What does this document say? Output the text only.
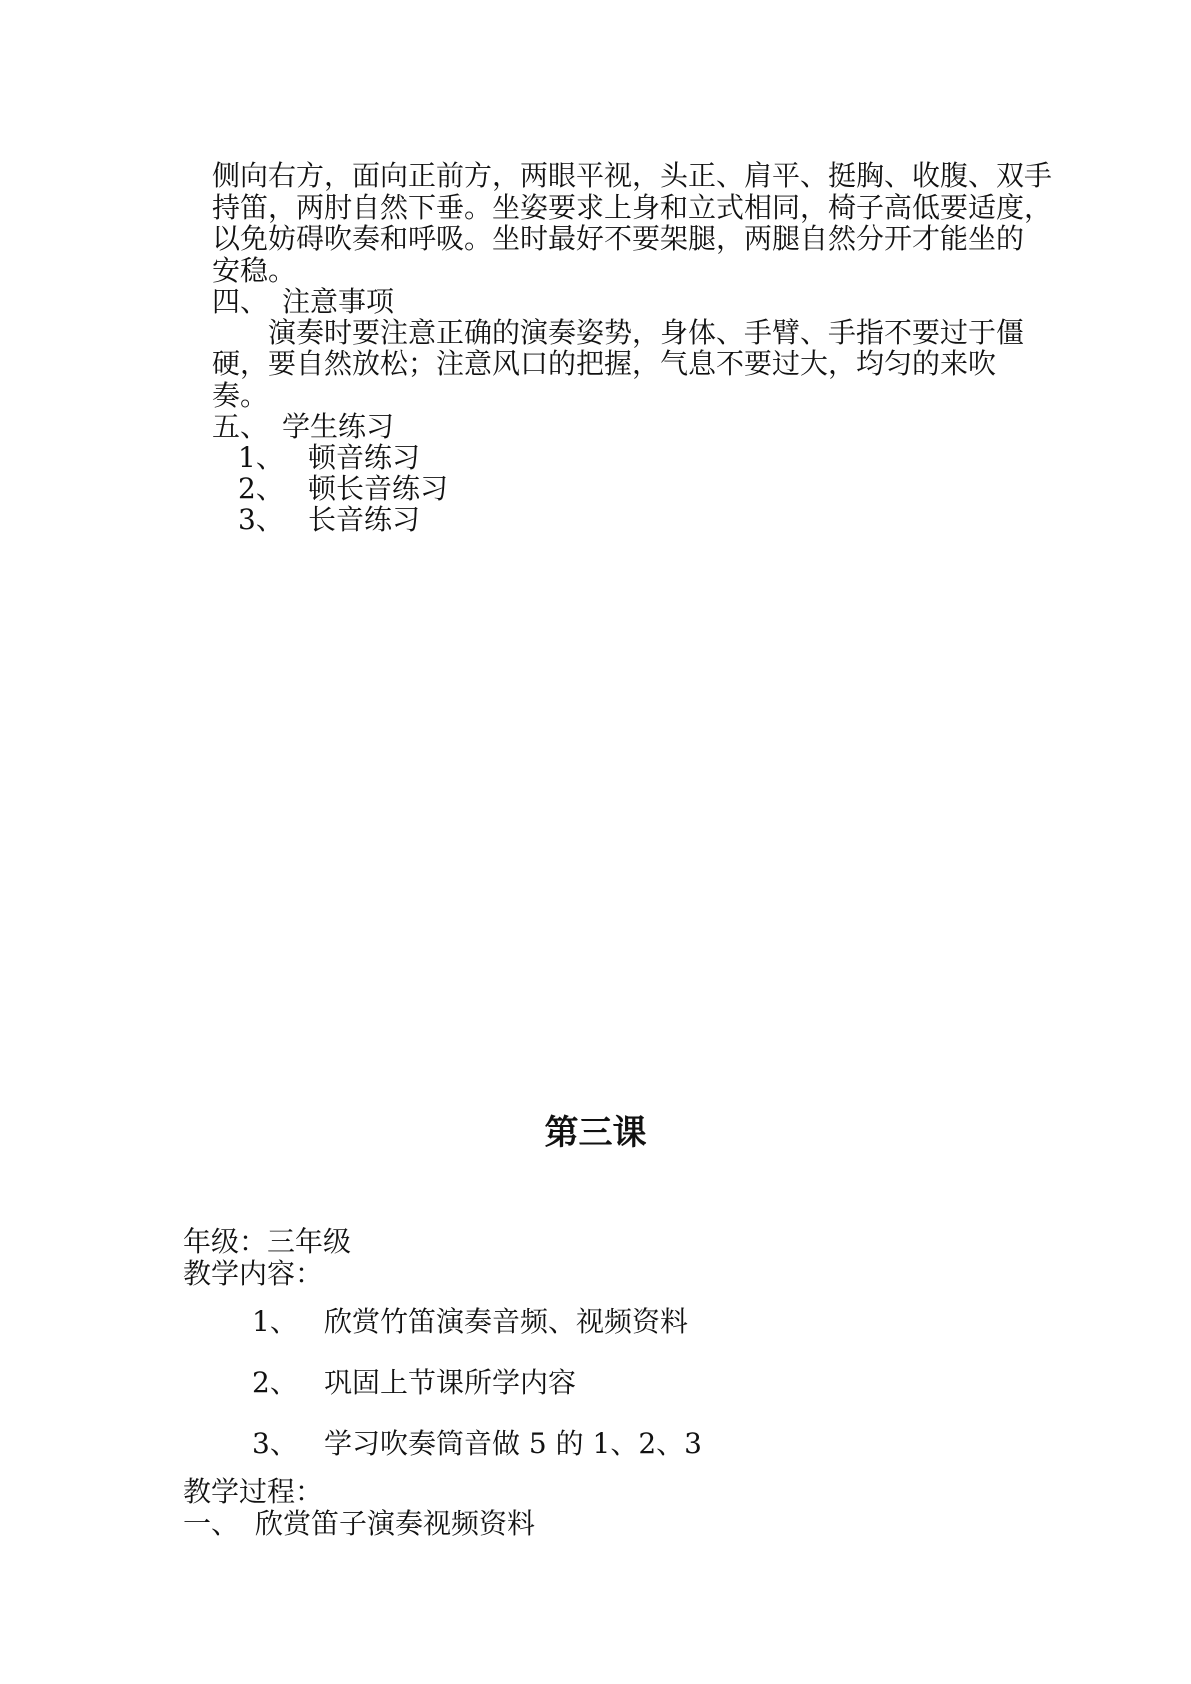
侧向右方，面向正前方，两眼平视，头正、肩平、挺胸、收腹、双手
持笛，两肘自然下垂。坐姿要求上身和立式相同，椅子高低要适度，
以免妨碍吹奏和呼吸。坐时最好不要架腿，两腿自然分开才能坐的
安稳。
四、 注意事项
演奏时要注意正确的演奏姿势，身体、手臂、手指不要过于僵
硬，要自然放松；注意风口的把握，气息不要过大，均匀的来吹
奏。
五、 学生练习
1、 顿音练习
2、 顿长音练习
3、 长音练习
第三课
年级：三年级
教学内容：
1、 欣赏竹笛演奏音频、视频资料
2、 巩固上节课所学内容
3、 学习吹奏筒音做 5 的 1、2、3
教学过程：
一、 欣赏笛子演奏视频资料
